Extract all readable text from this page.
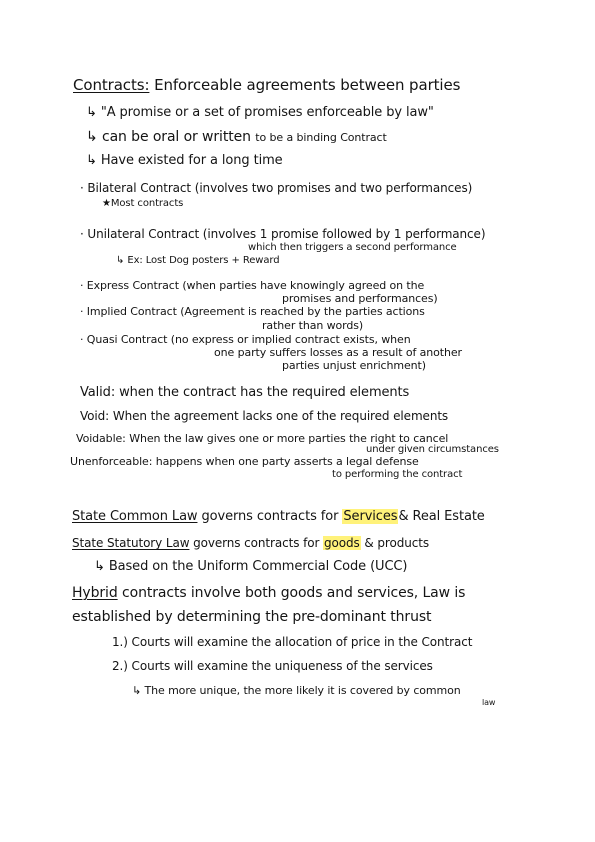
Contracts: Enforceable agreements between parties
↳ "A promise or a set of promises enforceable by law"
↳ can be oral or written to be a binding Contract
↳ Have existed for a long time
· Bilateral Contract (involves two promises and two performances)
★Most contracts
· Unilateral Contract (involves 1 promise followed by 1 performance)
which then triggers a second performance
↳ Ex: Lost Dog posters + Reward
· Express Contract (when parties have knowingly agreed on the
promises and performances)
· Implied Contract (Agreement is reached by the parties actions
rather than words)
· Quasi Contract (no express or implied contract exists, when
one party suffers losses as a result of another
parties unjust enrichment)
Valid: when the contract has the required elements
Void: When the agreement lacks one of the required elements
Voidable: When the law gives one or more parties the right to cancel
under given circumstances
Unenforceable: happens when one party asserts a legal defense
to performing the contract
State Common Law governs contracts for Services& Real Estate
State Statutory Law governs contracts for goods & products
↳ Based on the Uniform Commercial Code (UCC)
Hybrid contracts involve both goods and services, Law is
established by determining the pre-dominant thrust
1.) Courts will examine the allocation of price in the Contract
2.) Courts will examine the uniqueness of the services
↳ The more unique, the more likely it is covered by common
law
